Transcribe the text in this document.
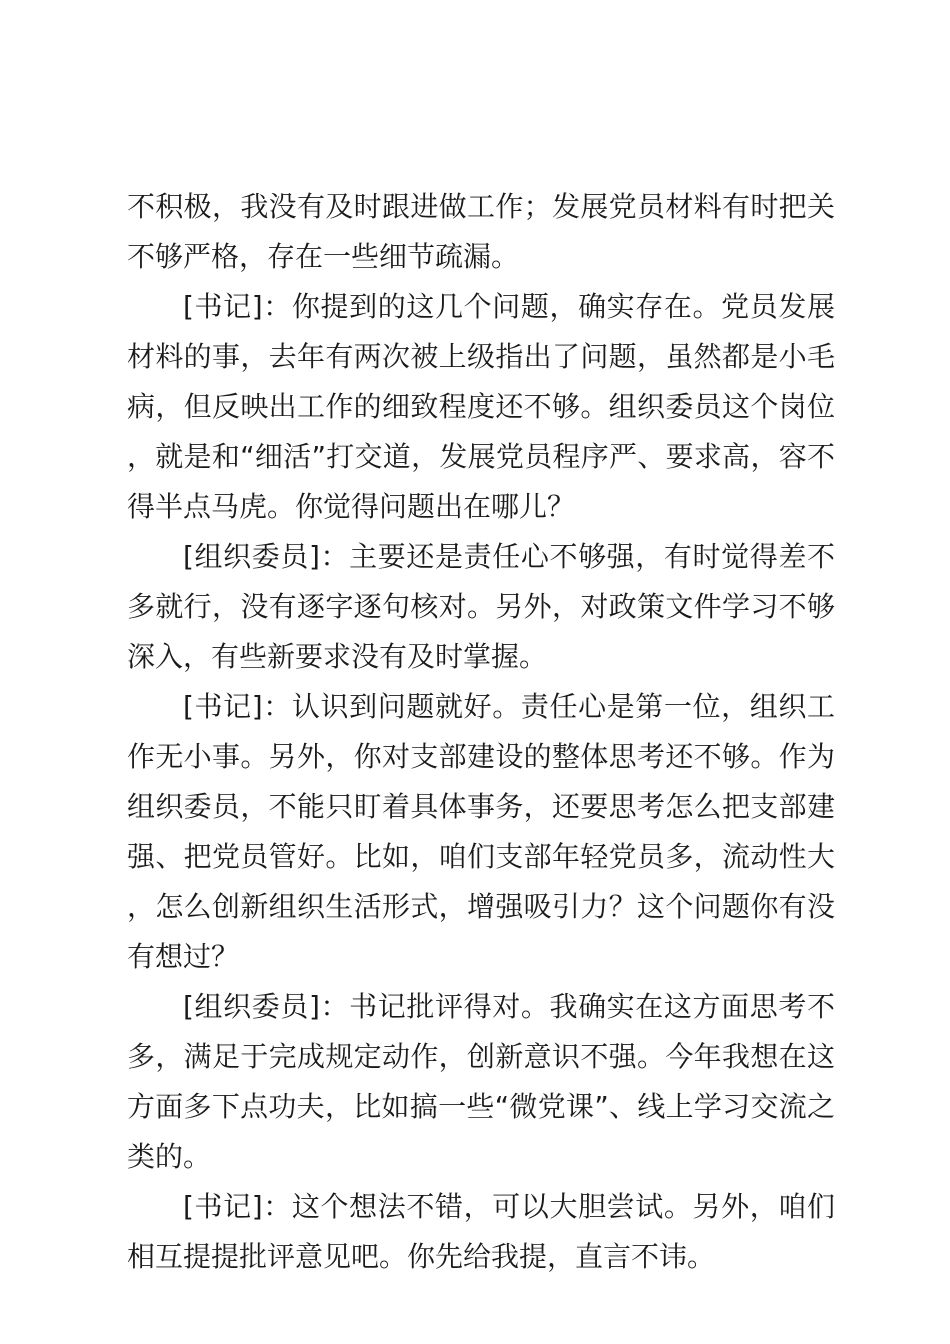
不积极，我没有及时跟进做工作；发展党员材料有时把关不够严格，存在一些细节疏漏。

[书记]：你提到的这几个问题，确实存在。党员发展材料的事，去年有两次被上级指出了问题，虽然都是小毛病，但反映出工作的细致程度还不够。组织委员这个岗位，就是和“细活”打交道，发展党员程序严、要求高，容不得半点马虎。你觉得问题出在哪儿？

[组织委员]：主要还是责任心不够强，有时觉得差不多就行，没有逐字逐句核对。另外，对政策文件学习不够深入，有些新要求没有及时掌握。

[书记]：认识到问题就好。责任心是第一位，组织工作无小事。另外，你对支部建设的整体思考还不够。作为组织委员，不能只盯着具体事务，还要思考怎么把支部建强、把党员管好。比如，咱们支部年轻党员多，流动性大，怎么创新组织生活形式，增强吸引力？这个问题你有没有想过？

[组织委员]：书记批评得对。我确实在这方面思考不多，满足于完成规定动作，创新意识不强。今年我想在这方面多下点功夫，比如搞一些“微党课”、线上学习交流之类的。

[书记]：这个想法不错，可以大胆尝试。另外，咱们相互提提批评意见吧。你先给我提，直言不讳。
